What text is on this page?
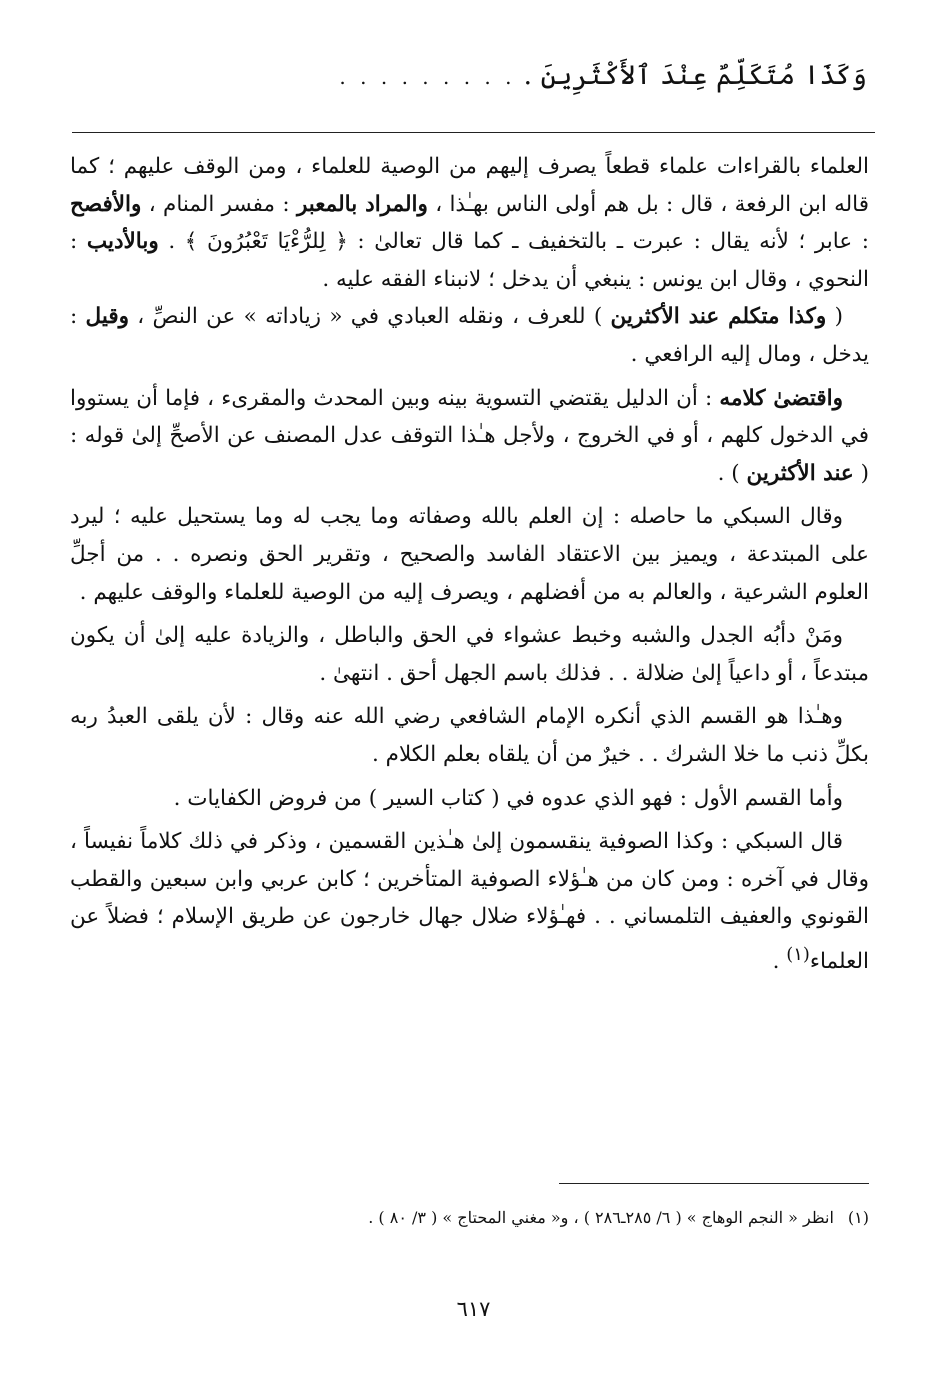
وَكَذَا مُتَكَلِّمٌ عِنْدَ ٱلأَكْثَرِينَ .
. . . . . . . . .

العلماء بالقراءات علماء قطعاً يصرف إليهم من الوصية للعلماء ، ومن الوقف عليهم ؛ كما قاله ابن الرفعة ، قال : بل هم أولى الناس بهـٰذا ، والمراد بالمعبر : مفسر المنام ، والأفصح : عابر ؛ لأنه يقال : عبرت ـ بالتخفيف ـ كما قال تعالىٰ : ﴿ لِلرُّءْيَا تَعْبُرُونَ ﴾ . وبالأديب : النحوي ، وقال ابن يونس : ينبغي أن يدخل ؛ لانبناء الفقه عليه .

( وكذا متكلم عند الأكثرين ) للعرف ، ونقله العبادي في « زياداته » عن النصِّ ، وقيل : يدخل ، ومال إليه الرافعي .

واقتضىٰ كلامه : أن الدليل يقتضي التسوية بينه وبين المحدث والمقرىء ، فإما أن يستووا في الدخول كلهم ، أو في الخروج ، ولأجل هـٰذا التوقف عدل المصنف عن الأصحِّ إلىٰ قوله : ( عند الأكثرين ) .

وقال السبكي ما حاصله : إن العلم بالله وصفاته وما يجب له وما يستحيل عليه ؛ ليرد على المبتدعة ، ويميز بين الاعتقاد الفاسد والصحيح ، وتقرير الحق ونصره . . من أجلِّ العلوم الشرعية ، والعالم به من أفضلهم ، ويصرف إليه من الوصية للعلماء والوقف عليهم .

ومَنْ دأبُه الجدل والشبه وخبط عشواء في الحق والباطل ، والزيادة عليه إلىٰ أن يكون مبتدعاً ، أو داعياً إلىٰ ضلالة . . فذلك باسم الجهل أحق . انتهىٰ .

وهـٰذا هو القسم الذي أنكره الإمام الشافعي رضي الله عنه وقال : لأن يلقى العبدُ ربه بكلِّ ذنب ما خلا الشرك . . خيرٌ من أن يلقاه بعلم الكلام .

وأما القسم الأول : فهو الذي عدوه في ( كتاب السير ) من فروض الكفايات .

قال السبكي : وكذا الصوفية ينقسمون إلىٰ هـٰذين القسمين ، وذكر في ذلك كلاماً نفيساً ، وقال في آخره : ومن كان من هـٰؤلاء الصوفية المتأخرين ؛ كابن عربي وابن سبعين والقطب القونوي والعفيف التلمساني . . فهـٰؤلاء ضلال جهال خارجون عن طريق الإسلام ؛ فضلاً عن العلماء$^{(١)}$ .

(١)انظر « النجم الوهاج » ( ٦/ ٢٨٥ـ٢٨٦ ) ، و« مغني المحتاج » ( ٣/ ٨٠ ) .
٦١٧
